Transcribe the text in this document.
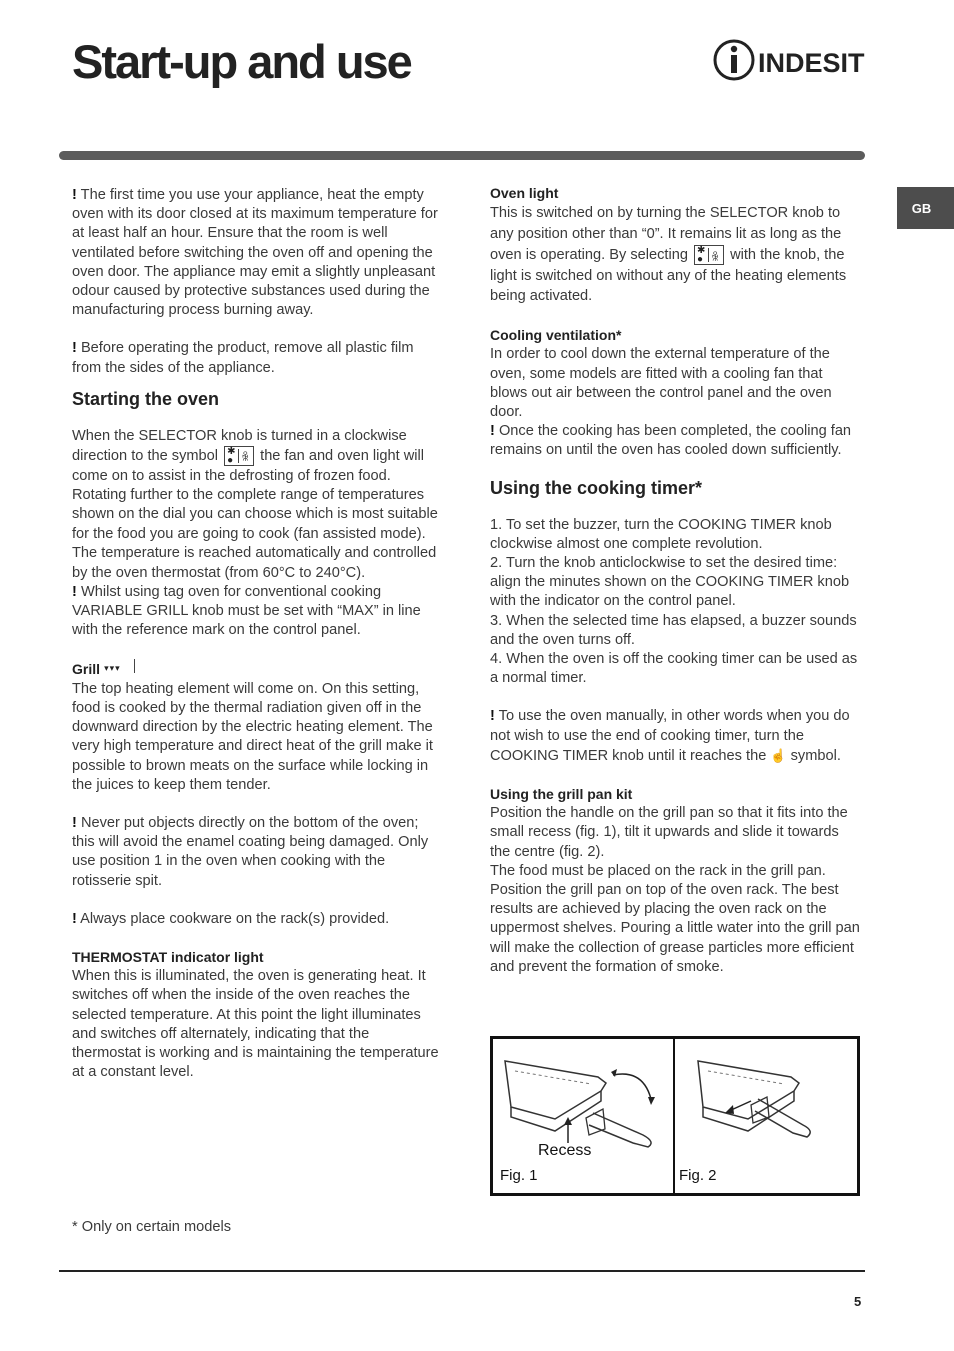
Start-up and use	INDESIT
GB

! The first time you use your appliance, heat the empty oven with its door closed at its maximum temperature for at least half an hour. Ensure that the room is well ventilated before switching the oven off and opening the oven door. The appliance may emit a slightly unpleasant odour caused by protective substances used during the manufacturing process burning away.

! Before operating the product, remove all plastic film from the sides of the appliance.

Starting the oven

When the SELECTOR knob is turned in a clockwise direction to the symbol ✱
● ꆜ the fan and oven light will come on to assist in the defrosting of frozen food. Rotating further to the complete range of temperatures shown on the dial you can choose which is most suitable for the food you are going to cook (fan assisted mode). The temperature is reached automatically and controlled by the oven thermostat (from 60°C to 240°C).

! Whilst using tag oven for conventional cooking VARIABLE GRILL knob must be set with “MAX” in line with the reference mark on the control panel.

Grill ▾▾▾

The top heating element will come on. On this setting, food is cooked by the thermal radiation given off in the downward direction by the electric heating element. The very high temperature and direct heat of the grill make it possible to brown meats on the surface while locking in the juices to keep them tender.

! Never put objects directly on the bottom of the oven; this will avoid the enamel coating being damaged. Only use position 1 in the oven when cooking with the rotisserie spit.

! Always place cookware on the rack(s) provided.

THERMOSTAT indicator light

When this is illuminated, the oven is generating heat. It switches off when the inside of the oven reaches the selected temperature. At this point the light illuminates and switches off alternately, indicating that the thermostat is working and is maintaining the temperature at a constant level.

Oven light

This is switched on by turning the SELECTOR knob to any position other than “0”. It remains lit as long as the oven is operating. By selecting ✱
● ꆜ with the knob, the light is switched on without any of the heating elements being activated.

Cooling ventilation*

In order to cool down the external temperature of the oven, some models are fitted with a cooling fan that blows out air between the control panel and the oven door.

! Once the cooking has been completed, the cooling fan remains on until the oven has cooled down sufficiently.

Using the cooking timer*

1. To set the buzzer, turn the COOKING TIMER knob clockwise almost one complete revolution.

2. Turn the knob anticlockwise to set the desired time: align the minutes shown on the COOKING TIMER knob with the indicator on the control panel.

3. When the selected time has elapsed, a buzzer sounds and the oven turns off.

4. When the oven is off the cooking timer can be used as a normal timer.

! To use the oven manually, in other words when you do not wish to use the end of cooking timer, turn the COOKING TIMER knob until it reaches the ☝ symbol.

Using the grill pan kit

Position the handle on the grill pan so that it fits into the small recess (fig. 1), tilt it upwards and slide it towards the centre (fig. 2).

The food must be placed on the rack in the grill pan. Position the grill pan on top of the oven rack. The best results are achieved by placing the oven rack on the uppermost shelves. Pouring a little water into the grill pan will make the collection of grease particles more efficient and prevent the formation of smoke.

Recess
Fig. 1	Fig. 2
* Only on certain models
5
